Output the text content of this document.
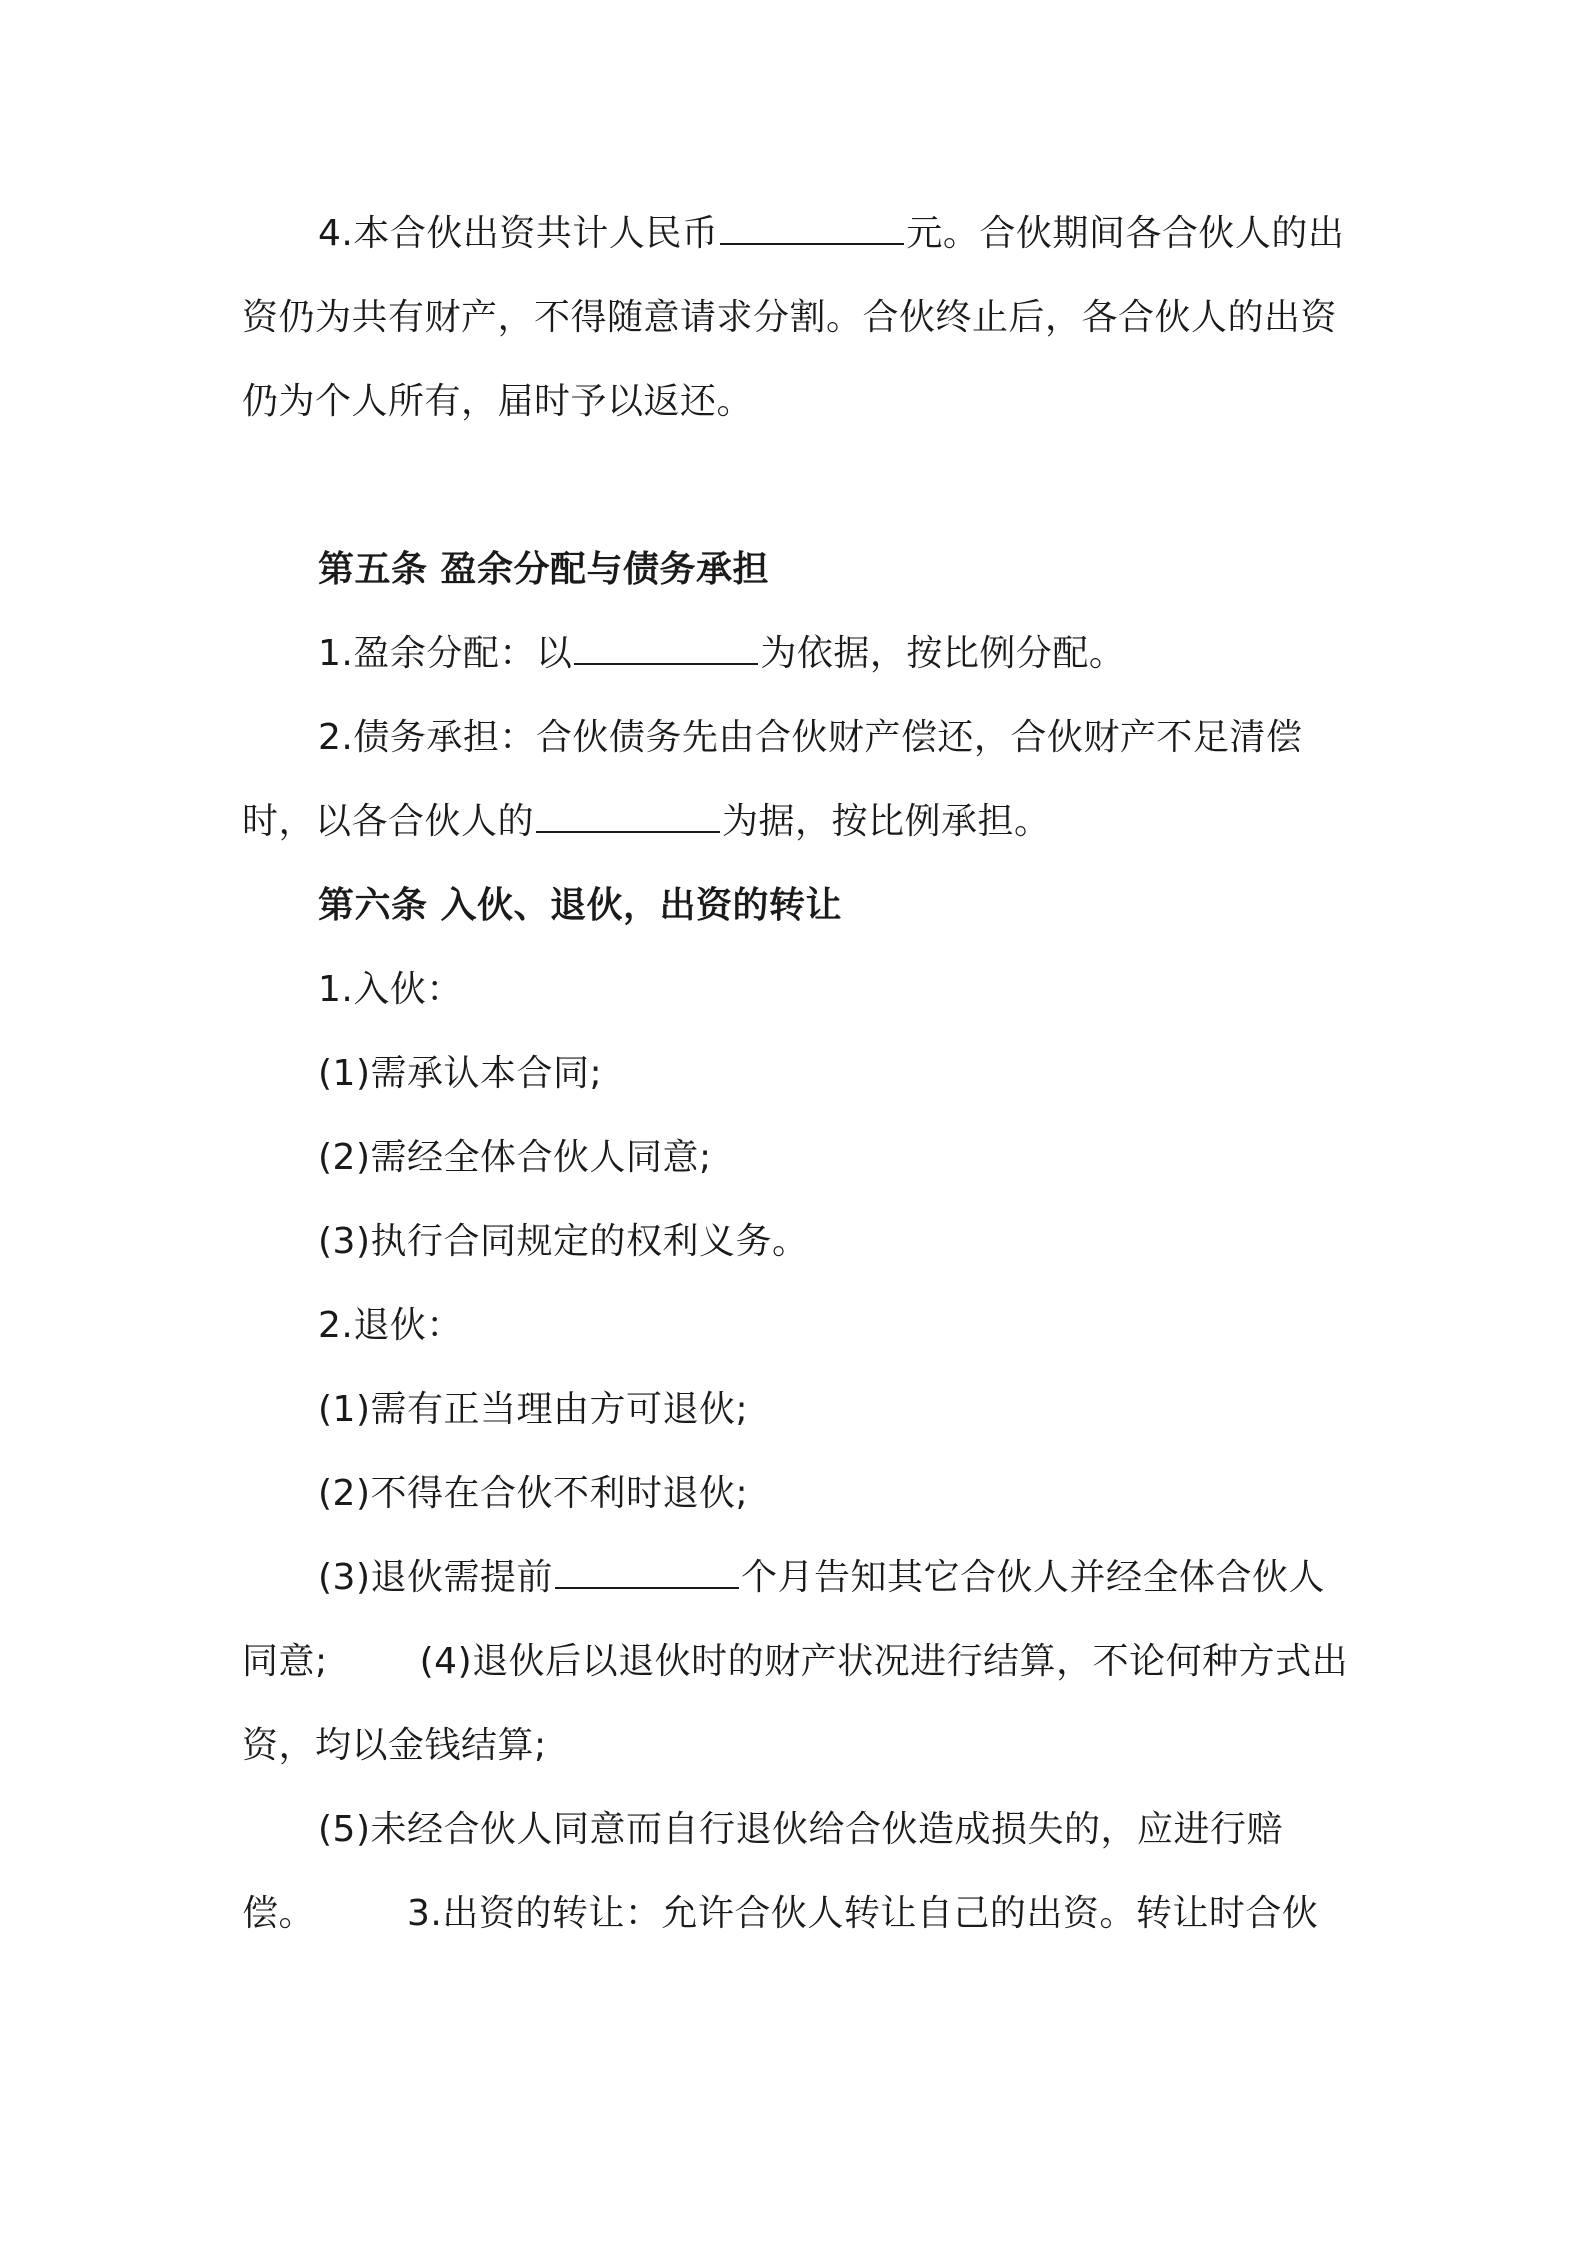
4.本合伙出资共计人民币	元。合伙期间各合伙人的出资仍为共有财产，不得随意请求分割。合伙终止后，各合伙人的出资仍为个人所有，届时予以返还。

第五条 盈余分配与债务承担

1.盈余分配：以	为依据，按比例分配。

2.债务承担：合伙债务先由合伙财产偿还，合伙财产不足清偿时，以各合伙人的	为据，按比例承担。

第六条 入伙、退伙，出资的转让

1.入伙：

(1)需承认本合同;

(2)需经全体合伙人同意;

(3)执行合同规定的权利义务。

2.退伙：

(1)需有正当理由方可退伙;

(2)不得在合伙不利时退伙;

(3)退伙需提前	个月告知其它合伙人并经全体合伙人同意;	(4)退伙后以退伙时的财产状况进行结算，不论何种方式出资，均以金钱结算;

(5)未经合伙人同意而自行退伙给合伙造成损失的，应进行赔偿。	3.出资的转让：允许合伙人转让自己的出资。转让时合伙
